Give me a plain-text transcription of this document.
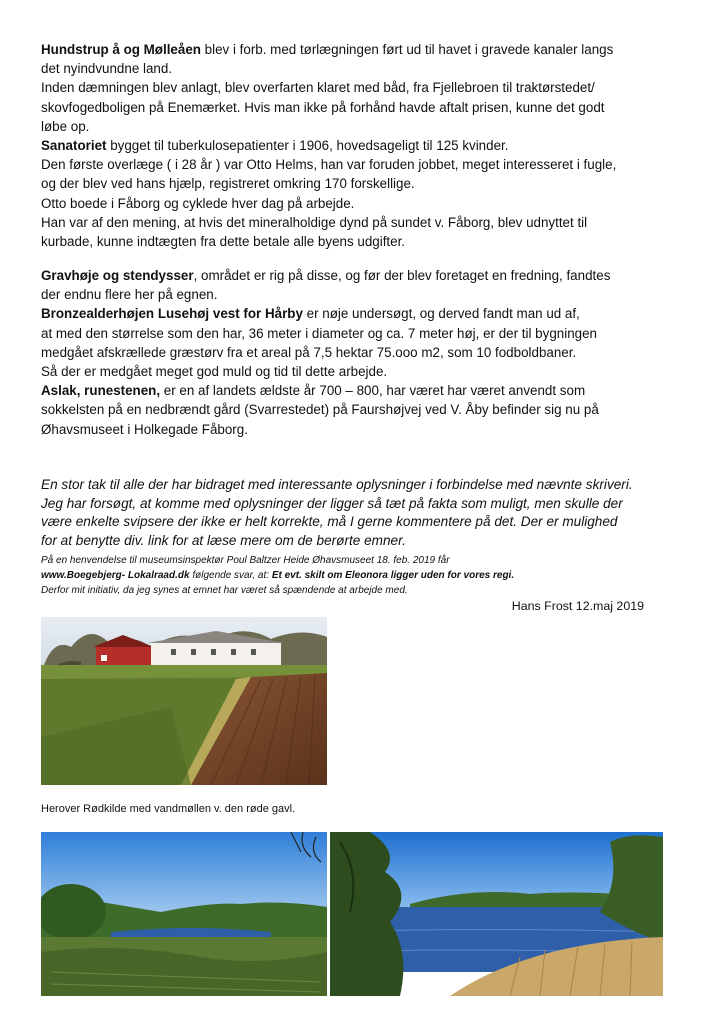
Hundstrup å og Mølleåen blev i forb. med tørlægningen ført ud til havet i gravede kanaler langs

det nyindvundne land.

Inden dæmningen blev anlagt, blev overfarten klaret med båd, fra Fjellebroen til traktørstedet/

skovfogedboligen på Enemærket. Hvis man ikke på forhånd havde aftalt prisen, kunne det godt

løbe op.

Sanatoriet bygget til tuberkulosepatienter i 1906, hovedsageligt til 125 kvinder.

Den første overlæge ( i 28 år ) var Otto Helms, han var foruden jobbet, meget interesseret i fugle,

og der blev ved hans hjælp, registreret omkring 170 forskellige.

Otto boede i Fåborg og cyklede hver dag på arbejde.

Han var af den mening, at hvis det mineralholdige dynd på sundet v. Fåborg, blev udnyttet til

kurbade, kunne indtægten fra dette betale alle byens udgifter.

Gravhøje og stendysser, området er rig på disse, og før der blev foretaget en fredning, fandtes

der endnu flere her på egnen.

Bronzealderhøjen Lusehøj vest for Hårby er nøje undersøgt, og derved fandt man ud af,

at med den størrelse som den har, 36 meter i diameter og ca. 7 meter høj, er der til bygningen

medgået afskrællede græstørv fra et areal på 7,5 hektar 75.ooo m2, som 10 fodboldbaner.

Så der er medgået meget god muld og tid til dette arbejde.

Aslak, runestenen, er en af landets ældste år 700 – 800, har været har været anvendt som

sokkelsten på en nedbrændt gård (Svarrestedet) på Faurshøjvej ved V. Åby befinder sig nu på

Øhavsmuseet i Holkegade Fåborg.

En stor tak til alle der har bidraget med interessante oplysninger i forbindelse med nævnte skriveri.

Jeg har forsøgt, at komme med oplysninger der ligger så tæt på fakta som muligt, men skulle der

være enkelte svipsere der ikke er helt korrekte, må I gerne kommentere på det. Der er mulighed

for at benytte div. link for at læse mere om de berørte emner.

På en henvendelse til museumsinspektør Poul Baltzer Heide Øhavsmuseet 18. feb. 2019 får
www.Boegebjerg- Lokalraad.dk følgende svar, at: Et evt. skilt om Eleonora ligger uden for vores regi.
Derfor mit initiativ, da jeg synes at emnet har været så spændende at arbejde med.
Hans Frost 12.maj 2019
Herover Rødkilde med vandmøllen v. den røde gavl.
